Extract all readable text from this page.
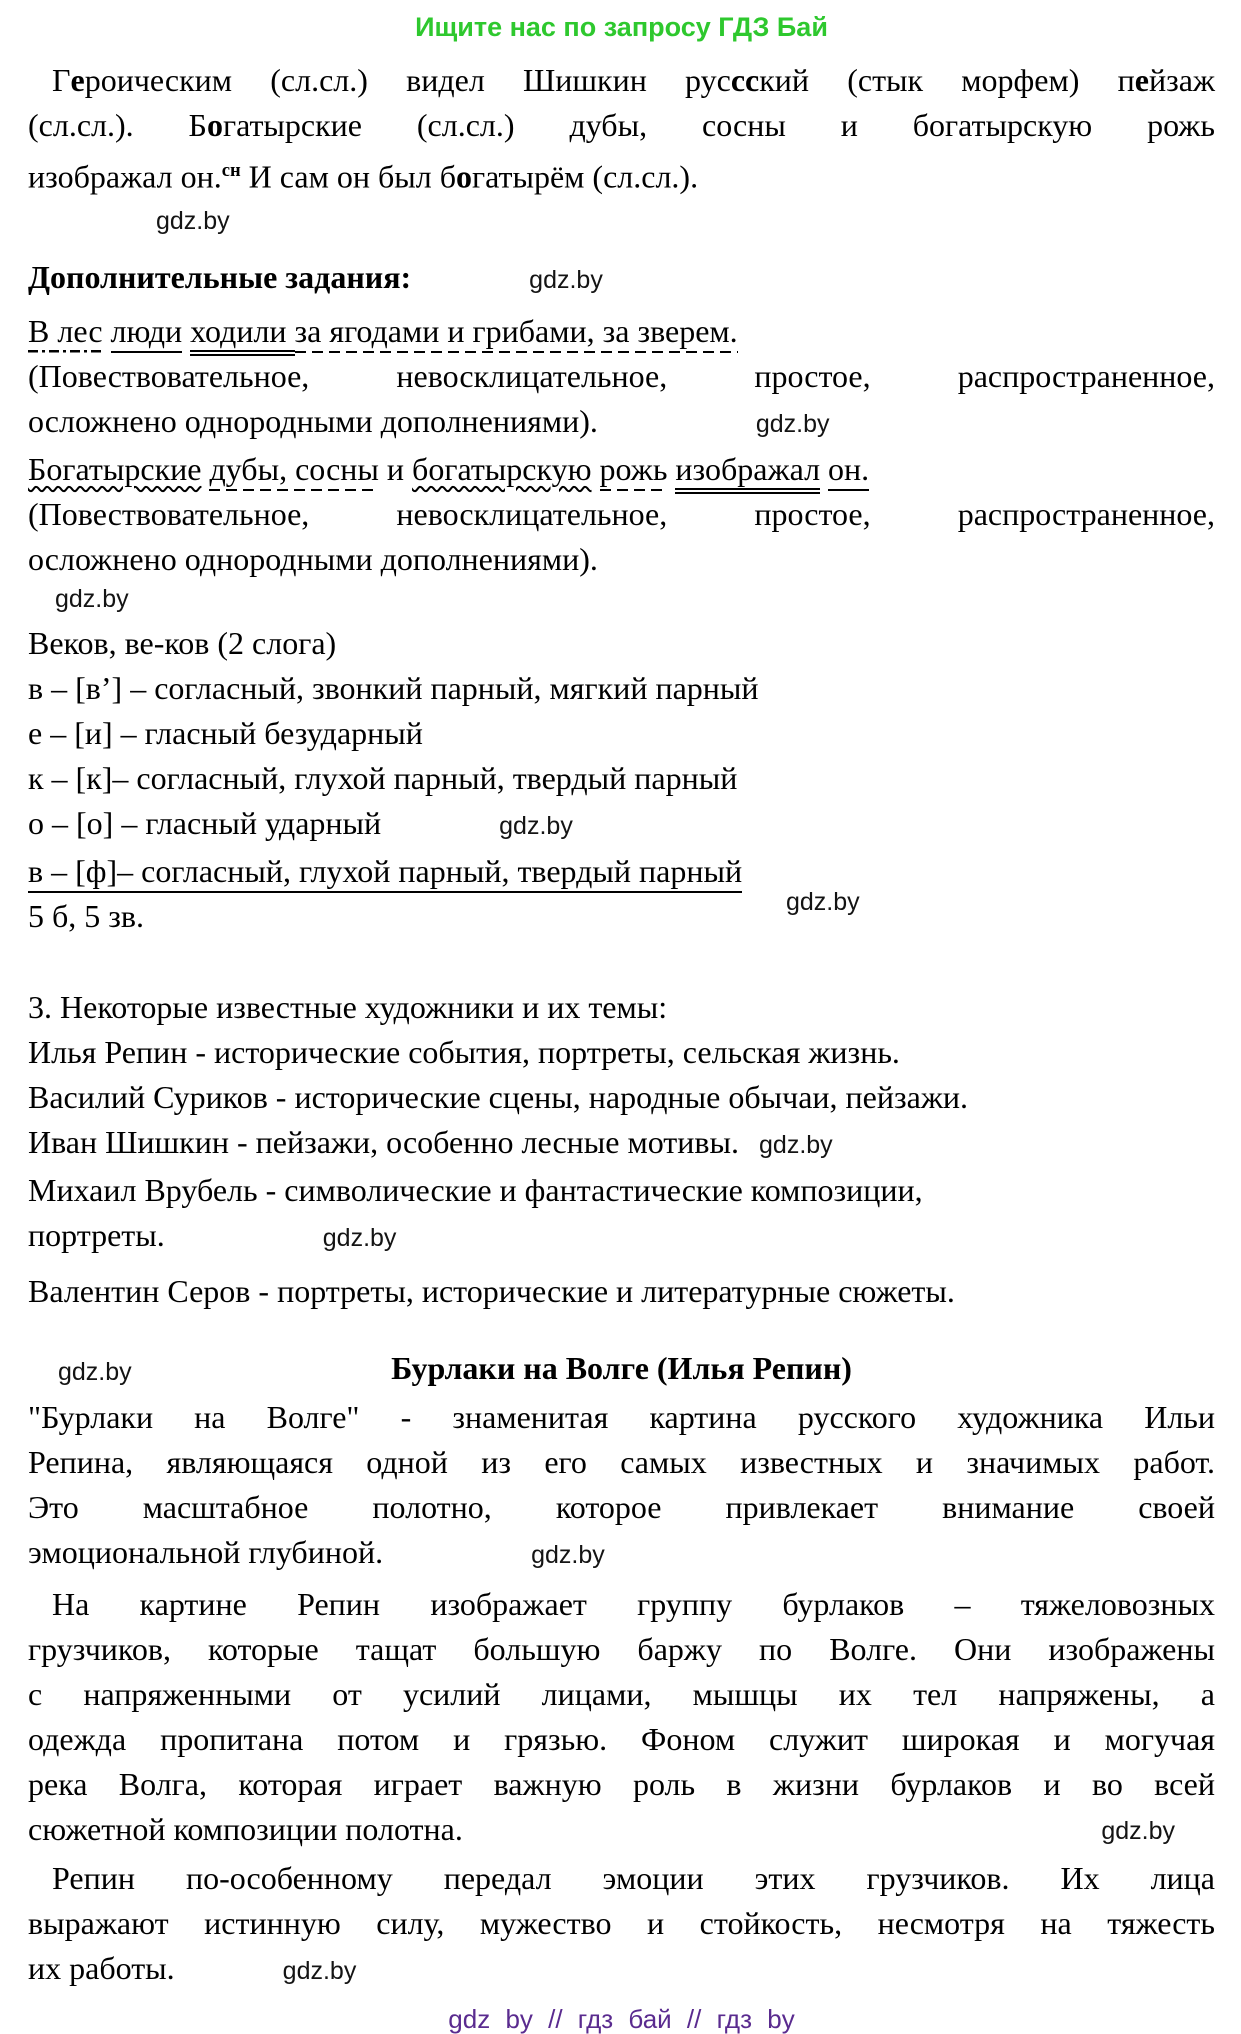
Ищите нас по запросу ГДЗ Бай
Героическим (сл.сл.) видел Шишкин руссский (стык морфем) пейзаж
(сл.сл.). Богатырские (сл.сл.) дубы, сосны и богатырскую рожь
изображал он.$^{сн}$ И сам он был богатырём (сл.сл.).
gdz.by
Дополнительные задания:	gdz.by
В лес люди ходили за ягодами и грибами, за зверем.
(Повествовательное, невосклицательное, простое, распространенное,
осложнено однородными дополнениями).	gdz.by
Богатырские дубы, сосны и богатырскую рожь изображал он.
(Повествовательное, невосклицательное, простое, распространенное,
осложнено однородными дополнениями).
gdz.by
Веков, ве-ков (2 слога)
в – [в’] – согласный, звонкий парный, мягкий парный
е – [и] – гласный безударный
к – [к]– согласный, глухой парный, твердый парный
о – [о] – гласный ударный	gdz.by
в – [ф]– согласный, глухой парный, твердый парный
5 б, 5 зв.	gdz.by
3. Некоторые известные художники и их темы:
Илья Репин - исторические события, портреты, сельская жизнь.
Василий Суриков - исторические сцены, народные обычаи, пейзажи.
Иван Шишкин - пейзажи, особенно лесные мотивы. gdz.by
Михаил Врубель - символические и фантастические композиции,
портреты.	gdz.by
Валентин Серов - портреты, исторические и литературные сюжеты.
gdz.by	Бурлаки на Волге (Илья Репин)
"Бурлаки на Волге" - знаменитая картина русского художника Ильи
Репина, являющаяся одной из его самых известных и значимых работ.
Это масштабное полотно, которое привлекает внимание своей
эмоциональной глубиной.	gdz.by
На картине Репин изображает группу бурлаков – тяжеловозных
грузчиков, которые тащат большую баржу по Волге. Они изображены
с напряженными от усилий лицами, мышцы их тел напряжены, а
одежда пропитана потом и грязью. Фоном служит широкая и могучая
река Волга, которая играет важную роль в жизни бурлаков и во всей
сюжетной композиции полотна.	gdz.by
Репин по-особенному передал эмоции этих грузчиков. Их лица
выражают истинную силу, мужество и стойкость, несмотря на тяжесть
их работы.	gdz.by
gdz by // гдз бай // гдз by
